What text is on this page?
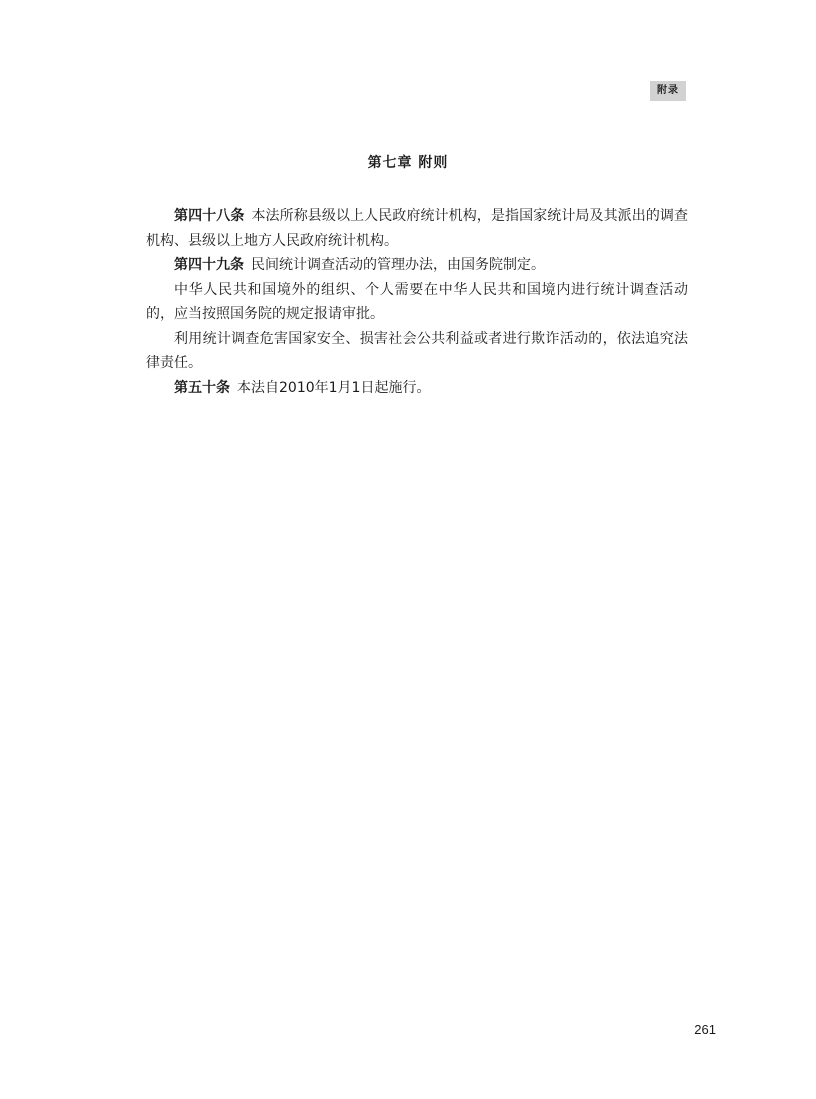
附录
第七章 附则

第四十八条 本法所称县级以上人民政府统计机构，是指国家统计局及其派出的调查机构、县级以上地方人民政府统计机构。

第四十九条 民间统计调查活动的管理办法，由国务院制定。

中华人民共和国境外的组织、个人需要在中华人民共和国境内进行统计调查活动的，应当按照国务院的规定报请审批。

利用统计调查危害国家安全、损害社会公共利益或者进行欺诈活动的，依法追究法律责任。

第五十条 本法自2010年1月1日起施行。

261
